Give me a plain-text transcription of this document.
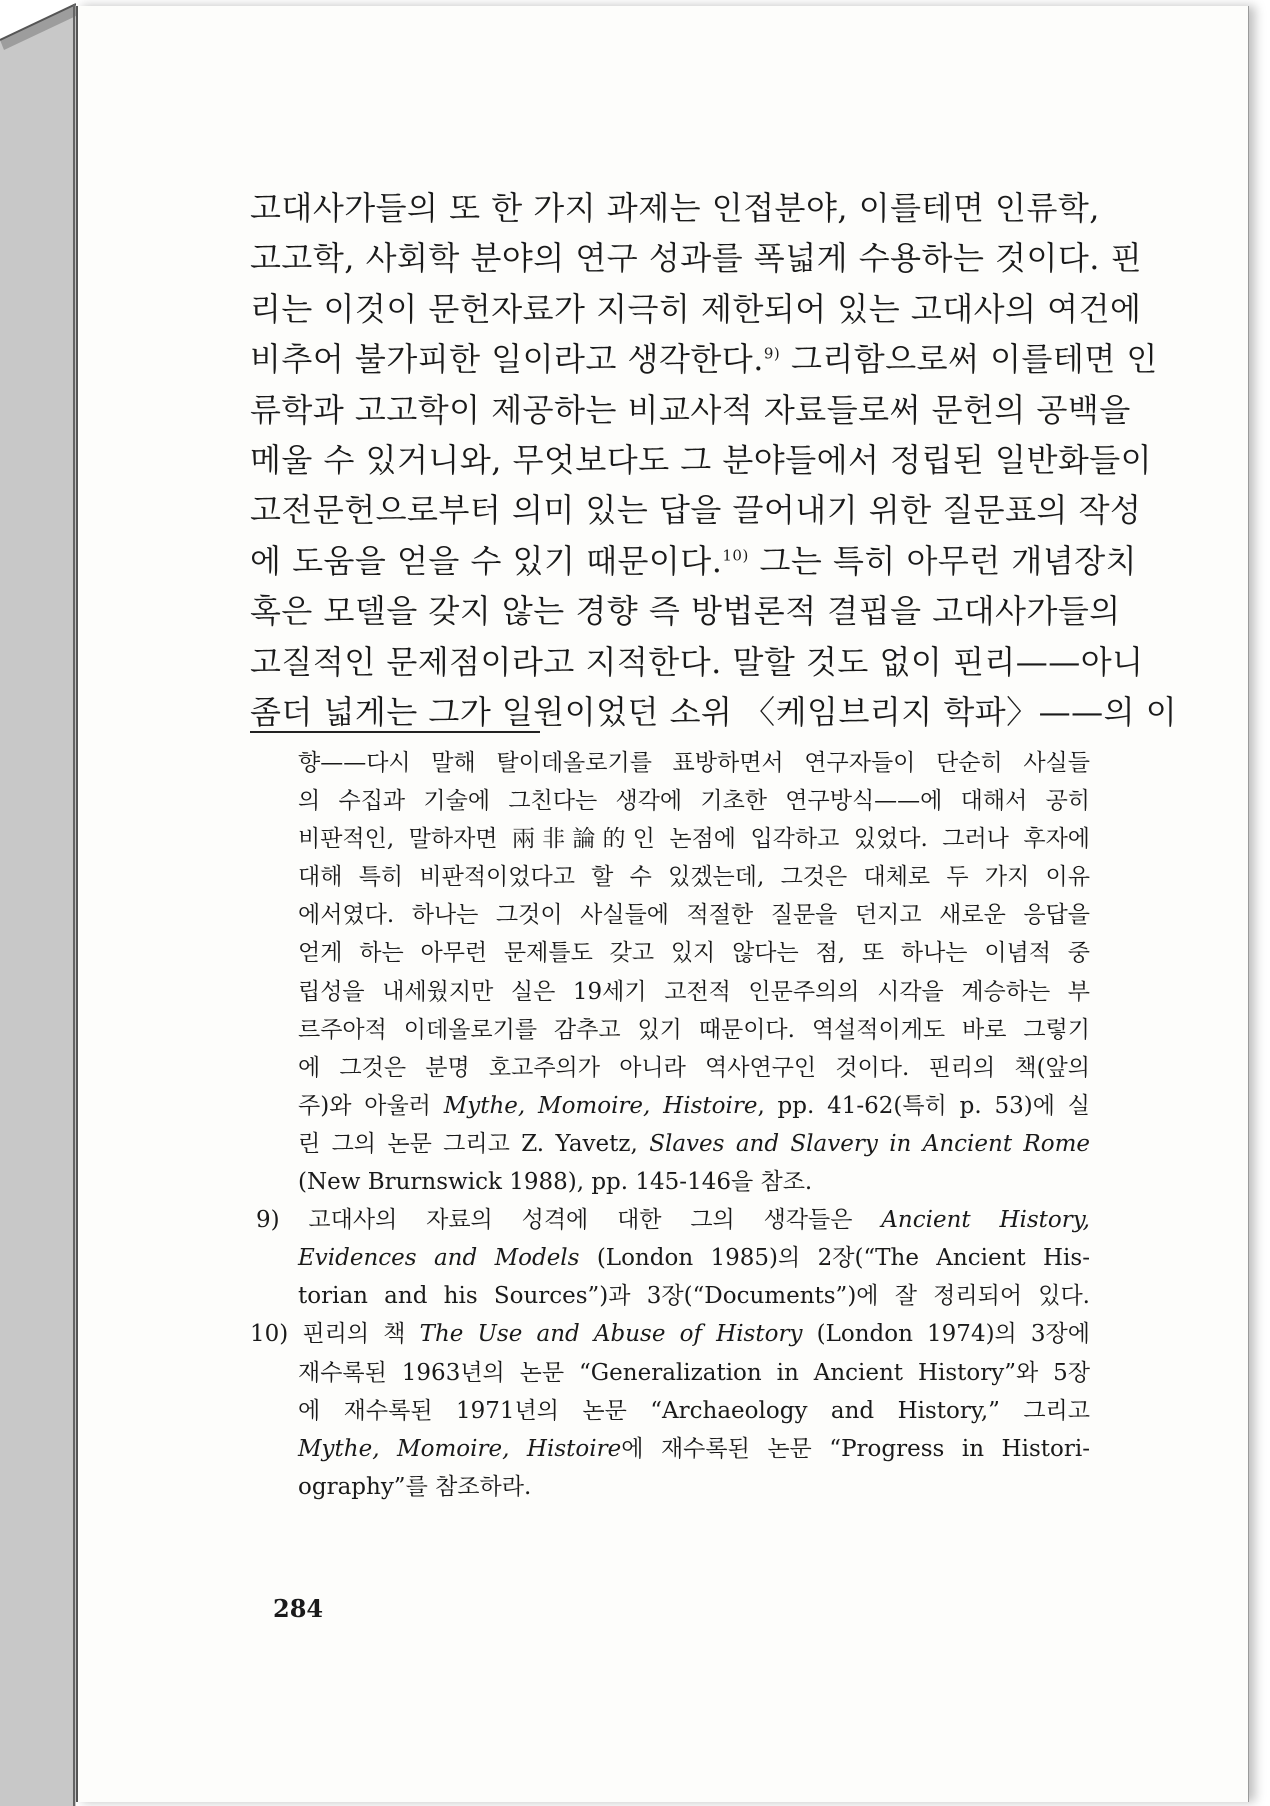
고대사가들의 또 한 가지 과제는 인접분야, 이를테면 인류학,
고고학, 사회학 분야의 연구 성과를 폭넓게 수용하는 것이다. 핀
리는 이것이 문헌자료가 지극히 제한되어 있는 고대사의 여건에
비추어 불가피한 일이라고 생각한다.$^{9)}$ 그리함으로써 이를테면 인
류학과 고고학이 제공하는 비교사적 자료들로써 문헌의 공백을
메울 수 있거니와, 무엇보다도 그 분야들에서 정립된 일반화들이
고전문헌으로부터 의미 있는 답을 끌어내기 위한 질문표의 작성
에 도움을 얻을 수 있기 때문이다.$^{10)}$ 그는 특히 아무런 개념장치
혹은 모델을 갖지 않는 경향 즉 방법론적 결핍을 고대사가들의
고질적인 문제점이라고 지적한다. 말할 것도 없이 핀리——아니
좀더 넓게는 그가 일원이었던 소위 〈케임브리지 학파〉——의 이
향——다시 말해 탈이데올로기를 표방하면서 연구자들이 단순히 사실들
의 수집과 기술에 그친다는 생각에 기초한 연구방식——에 대해서 공히
비판적인, 말하자면 兩非論的인 논점에 입각하고 있었다. 그러나 후자에
대해 특히 비판적이었다고 할 수 있겠는데, 그것은 대체로 두 가지 이유
에서였다. 하나는 그것이 사실들에 적절한 질문을 던지고 새로운 응답을
얻게 하는 아무런 문제틀도 갖고 있지 않다는 점, 또 하나는 이념적 중
립성을 내세웠지만 실은 19세기 고전적 인문주의의 시각을 계승하는 부
르주아적 이데올로기를 감추고 있기 때문이다. 역설적이게도 바로 그렇기
에 그것은 분명 호고주의가 아니라 역사연구인 것이다. 핀리의 책(앞의
주)와 아울러 Mythe, Momoire, Histoire, pp. 41-62(특히 p. 53)에 실
린 그의 논문 그리고 Z. Yavetz, Slaves and Slavery in Ancient Rome
(New Brurnswick 1988), pp. 145-146을 참조.
9) 고대사의 자료의 성격에 대한 그의 생각들은 Ancient History,
Evidences and Models (London 1985)의 2장(“The Ancient His-
torian and his Sources”)과 3장(“Documents”)에 잘 정리되어 있다.
10) 핀리의 책 The Use and Abuse of History (London 1974)의 3장에
재수록된 1963년의 논문 “Generalization in Ancient History”와 5장
에 재수록된 1971년의 논문 “Archaeology and History,” 그리고
Mythe, Momoire, Histoire에 재수록된 논문 “Progress in Histori-
ography”를 참조하라.
284
